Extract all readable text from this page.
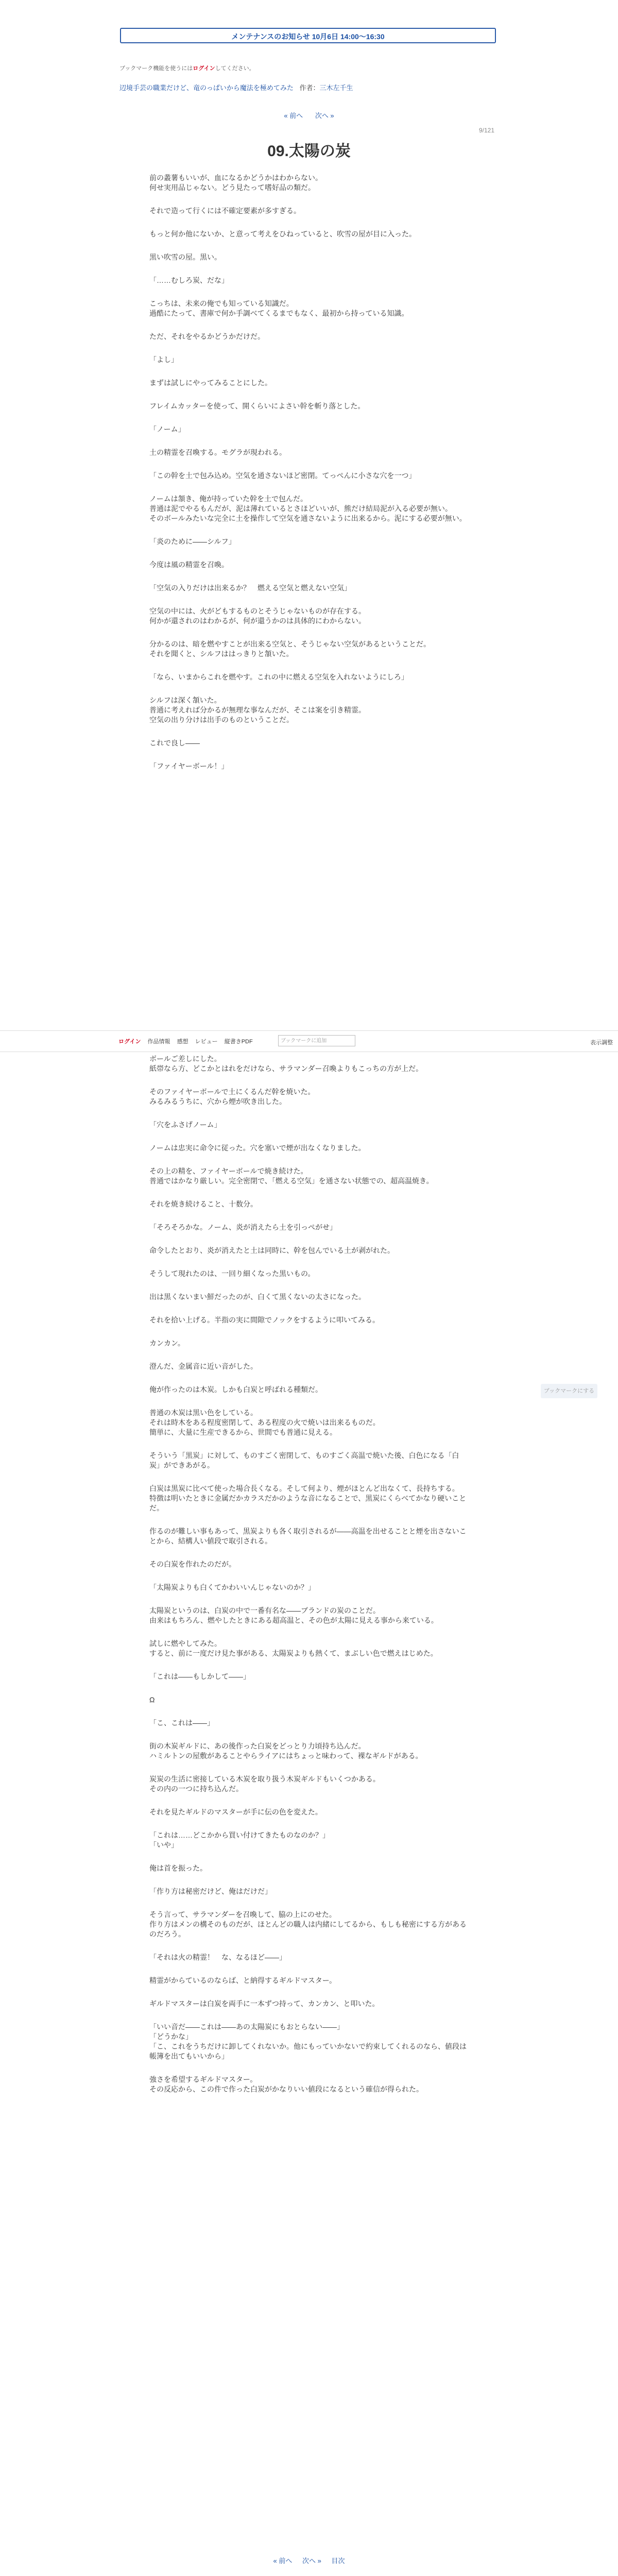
メンテナンスのお知らせ 10月6日 14:00～16:30
ブックマーク機能を使うにはログインしてください。
辺境手芸の職業だけど、竜のっぱいから魔法を極めてみた 作者：三木左千生
« 前へ 次へ »
9/121
09.太陽の炭

前の叢薯もいいが、血になるかどうかはわからない。
何せ実用品じゃない。どう見たって嗜好品の類だ。

それで造って行くには不確定要素が多すぎる。

もっと何か他にないか、と意って考えをひねっていると、吹雪の屋が目に入った。

黒い吹雪の屋。黒い。

「……むしろ炭、だな」

こっちは、未来の俺でも知っている知識だ。
過酷にたって、書庫で何か手調べてくるまでもなく、最初から持っている知識。

ただ、それをやるかどうかだけだ。

「よし」

まずは試しにやってみることにした。

フレイムカッターを使って、開くらいによさい幹を斬り落とした。

「ノーム」

土の精霊を召喚する。モグラが現われる。

「この幹を土で包み込め。空気を通さないほど密閉。てっぺんに小さな穴を一つ」

ノームは頷き、俺が持っていた幹を土で包んだ。
普通は泥でやるもんだが、泥は薄れているとさほどいいが、熊だけ結局泥が入る必要が無い。
そのボールみたいな完全に土を操作して空気を通さないように出来るから。泥にする必要が無い。

「炎のために――シルフ」

今度は風の精霊を召喚。

「空気の入りだけは出来るか？　燃える空気と燃えない空気」

空気の中には、火がどもするものとそうじゃないものが存在する。
何かが還されのはわかるが、何が還うかのは具体的にわからない。

分かるのは、暗を燃やすことが出来る空気と、そうじゃない空気があるということだ。
それを聞くと、シルフははっきりと頷いた。

「なら、いまからこれを燃やす。これの中に燃える空気を入れないようにしろ」

シルフは深く頷いた。
普通に考えれば分かるが無理な事なんだが、そこは案を引き精霊。
空気の出り分けは出手のものということだ。

これで良し――

「ファイヤーボール！」

ログイン 作品情報 感想 レビュー 縦書きPDF	ブックマークに追加	表示調整

ボールご差しにした。
紙帯なら方、どこかとはれをだけなら、サラマンダー召喚よりもこっちの方が上だ。

そのファイヤーボールで土にくるんだ幹を焼いた。
みるみるうちに、穴から煙が吹き出した。

「穴をふさげノーム」

ノームは忠実に命令に従った。穴を塞いで煙が出なくなりました。

その上の精を、ファイヤーボールで焼き続けた。
普通ではかなり厳しい。完全密閉で、「燃える空気」を通さない状態での、超高温焼き。

それを焼き続けること、十数分。

「そろそろかな。ノーム、炎が消えたら土を引っぺがせ」

命令したとおり、炎が消えたと土は同時に、幹を包んでいる土が剥がれた。

そうして現れたのは、一回り細くなった黒いもの。

出は黒くないまい鮮だったのが、白くて黒くないの太さになった。

それを拾い上げる。半指の実に間隙でノックをするように叩いてみる。

カンカン。

澄んだ、金属音に近い音がした。

俺が作ったのは木炭。しかも白炭と呼ばれる種類だ。

普通の木炭は黒い色をしている。
それは時木をある程度密閉して、ある程度の火で焼いは出来るものだ。
簡単に、大量に生産できるから、世間でも普通に見える。

そういう「黒炭」に対して、ものすごく密閉して、ものすごく高温で焼いた後、白色になる「白炭」ができあがる。

白炭は黒炭に比べて使った場合長くなる。そして何より、煙がほとんど出なくて、長持ちする。
特徴は明いたときに金属だかカラスだかのような音になることで、黒炭にくらべてかなり硬いことだ。

作るのが難しい事もあって、黒炭よりも各く取引されるが――高温を出せることと煙を出さないことから、結構人い値段で取引される。

その白炭を作れたのだが。

「太陽炭よりも白くてかわいいんじゃないのか？」

太陽炭というのは、白炭の中で一番有名な――ブランドの炭のことだ。
由来はもちろん、燃やしたときにある超高温と、その色が太陽に見える事から来ている。

試しに燃やしてみた。
すると、前に一度だけ見た事がある、太陽炭よりも熱くて、まぶしい色で燃えはじめた。

「これは――もしかして――」

Ω

「こ、これは――」

街の木炭ギルドに、あの後作った白炭をどっとり力頃持ち込んだ。
ハミルトンの屋敷があることやらライアにはちょっと味わって、裸なギルドがある。

炭炭の生活に密接している木炭を取り扱う木炭ギルドもいくつかある。
その内の一つに持ち込んだ。

それを見たギルドのマスターが手に伝の色を変えた。

「これは……どこかから買い付けてきたものなのか？」
「いや」

俺は首を振った。

「作り方は秘密だけど、俺はだけだ」

そう言って、サラマンダーを召喚して、脇の上にのせた。
作り方はメンの構そのものだが、ほとんどの職人は内緒にしてるから、もしも秘密にする方があるのだろう。

「それは火の精霊！　な、なるほど――」

精霊がからているのならば、と納得するギルドマスター。

ギルドマスターは白炭を両手に一本ずつ持って、カンカン、と叩いた。

「いい音だ――これは――あの太陽炭にもおとらない――」
「どうかな」
「こ、これをうちだけに卸してくれないか。他にもっていかないで約束してくれるのなら、値段は帳簿を出てもいいから」

強さを希望するギルドマスター。
その反応から、この件で作った白炭がかなりいい値段になるという確信が得られた。

ブックマークにする
« 前へ 次へ » 目次
